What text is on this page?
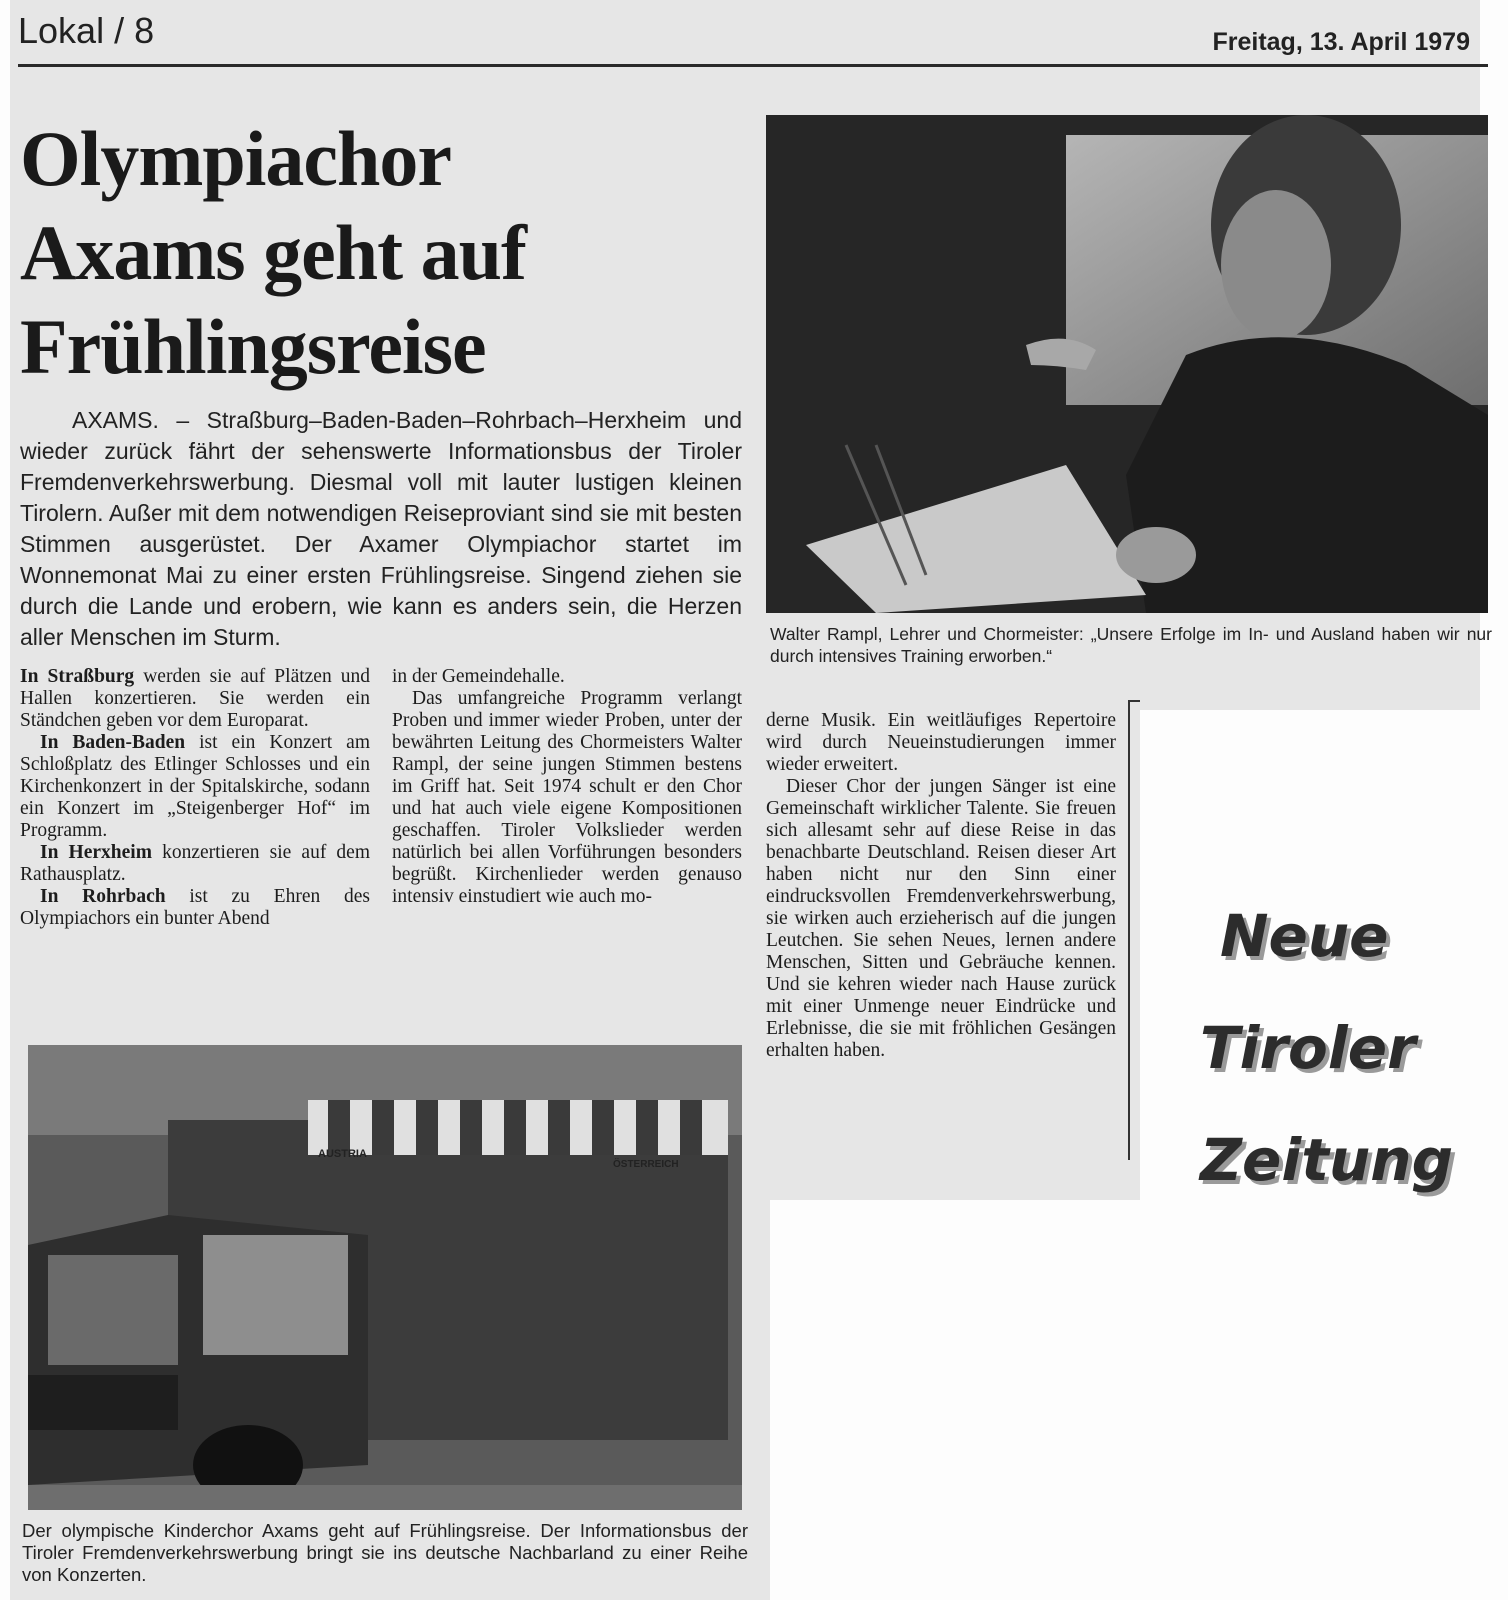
Lokal / 8	Freitag, 13. April 1979
Olympiachor
Axams geht auf
Frühlingsreise
AXAMS. – Straßburg–Baden-Baden–Rohrbach–Herxheim und wieder zurück fährt der sehenswerte Informationsbus der Tiroler Fremdenverkehrswerbung. Diesmal voll mit lauter lustigen kleinen Tirolern. Außer mit dem notwendigen Reiseproviant sind sie mit besten Stimmen ausgerüstet. Der Axamer Olympiachor startet im Wonnemonat Mai zu einer ersten Frühlingsreise. Singend ziehen sie durch die Lande und erobern, wie kann es anders sein, die Herzen aller Menschen im Sturm.

In Straßburg werden sie auf Plätzen und Hallen konzertieren. Sie werden ein Ständchen geben vor dem Europarat.

In Baden-Baden ist ein Konzert am Schloßplatz des Etlinger Schlosses und ein Kirchenkonzert in der Spitalskirche, sodann ein Konzert im „Steigenberger Hof“ im Programm.

In Herxheim konzertieren sie auf dem Rathausplatz.

In Rohrbach ist zu Ehren des Olympiachors ein bunter Abend

in der Gemeindehalle.

Das umfangreiche Programm verlangt Proben und immer wieder Proben, unter der bewährten Leitung des Chormeisters Walter Rampl, der seine jungen Stimmen bestens im Griff hat. Seit 1974 schult er den Chor und hat auch viele eigene Kompositionen geschaffen. Tiroler Volkslieder werden natürlich bei allen Vorführungen besonders begrüßt. Kirchenlieder werden genauso intensiv einstudiert wie auch mo-

derne Musik. Ein weitläufiges Repertoire wird durch Neueinstudierungen immer wieder erweitert.

Dieser Chor der jungen Sänger ist eine Gemeinschaft wirklicher Talente. Sie freuen sich allesamt sehr auf diese Reise in das benachbarte Deutschland. Reisen dieser Art haben nicht nur den Sinn einer eindrucksvollen Fremdenverkehrswerbung, sie wirken auch erzieherisch auf die jungen Leutchen. Sie sehen Neues, lernen andere Menschen, Sitten und Gebräuche kennen. Und sie kehren wieder nach Hause zurück mit einer Unmenge neuer Eindrücke und Erlebnisse, die sie mit fröhlichen Gesängen erhalten haben.

Walter Rampl, Lehrer und Chormeister: „Unsere Erfolge im In- und Ausland haben wir nur durch intensives Training erworben.“
AUSTRIA
ÖSTERREICH
Der olympische Kinderchor Axams geht auf Frühlingsreise. Der Informationsbus der Tiroler Fremdenverkehrswerbung bringt sie ins deutsche Nachbarland zu einer Reihe von Konzerten.
Neue
Tiroler
Zeitung
